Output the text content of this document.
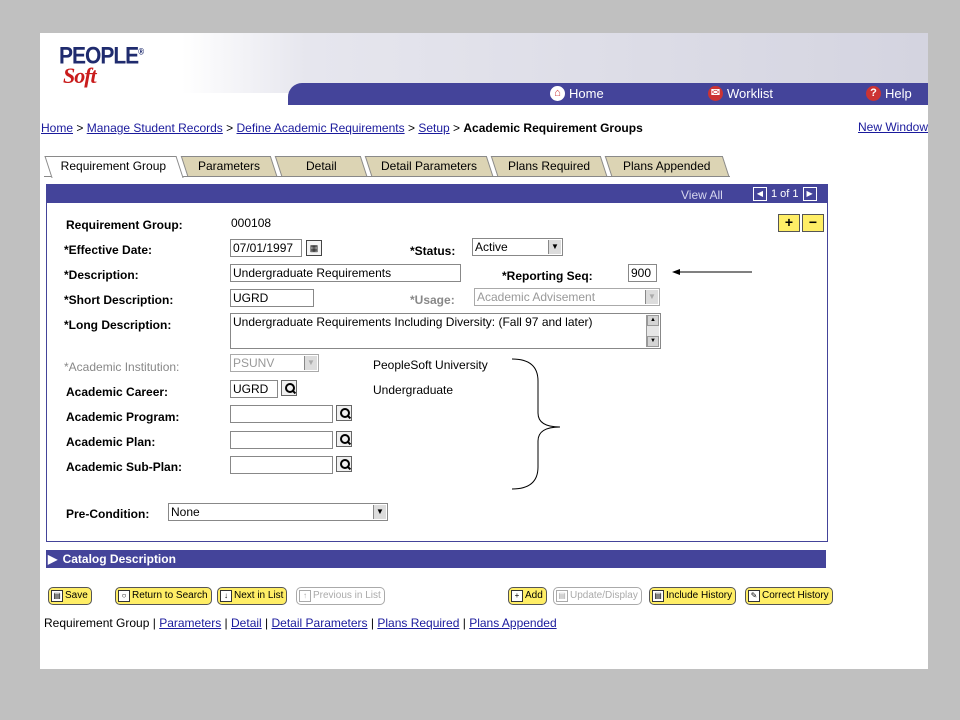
PEOPLE®
Soft
⌂ Home	✉ Worklist	? Help
Home > Manage Student Records > Define Academic Requirements > Setup > Academic Requirement Groups	New Window
Requirement Group	Parameters	Detail	Detail Parameters	Plans Required	Plans Appended
View All	◀ 1 of 1 ▶
+	−
Requirement Group:	000108
*Effective Date:	07/01/1997	▦	*Status: Active	▼
*Description:	Undergraduate Requirements	*Reporting Seq:	900
*Short Description:	UGRD	*Usage: Academic Advisement	▼
*Long Description:	Undergraduate Requirements Including Diversity: (Fall 97 and later)	▲
▼
*Academic Institution:	PSUNV	▼	PeopleSoft University
Academic Career:	UGRD	Undergraduate
Academic Program:
Academic Plan:
Academic Sub-Plan:
Pre-Condition: None	▼
▶ Catalog Description
▤ Save	○ Return to Search	↓ Next in List	↑ Previous in List	+ Add ▤ Update/Display ▤ Include History	✎ Correct History
Requirement Group | Parameters | Detail | Detail Parameters | Plans Required | Plans Appended
